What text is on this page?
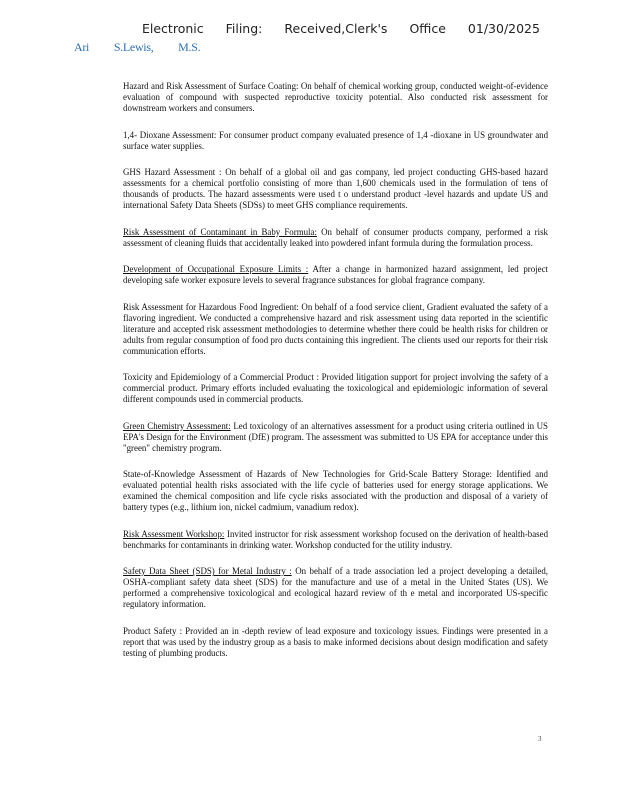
Electronic Filing: Received,Clerk's Office 01/30/2025
Ari S.Lewis, M.S.

Hazard and Risk Assessment of Surface Coating: On behalf of chemical working group, conducted weight-of-evidence evaluation of compound with suspected reproductive toxicity potential. Also conducted risk assessment for downstream workers and consumers.

1,4- Dioxane Assessment: For consumer product company evaluated presence of 1,4 -dioxane in US groundwater and surface water supplies.

GHS Hazard Assessment : On behalf of a global oil and gas company, led project conducting GHS-based hazard assessments for a chemical portfolio consisting of more than 1,600 chemicals used in the formulation of tens of thousands of products. The hazard assessments were used t o understand product -level hazards and update US and international Safety Data Sheets (SDSs) to meet GHS compliance requirements.

Risk Assessment of Contaminant in Baby Formula: On behalf of consumer products company, performed a risk assessment of cleaning fluids that accidentally leaked into powdered infant formula during the formulation process.

Development of Occupational Exposure Limits : After a change in harmonized hazard assignment, led project developing safe worker exposure levels to several fragrance substances for global fragrance company.

Risk Assessment for Hazardous Food Ingredient: On behalf of a food service client, Gradient evaluated the safety of a flavoring ingredient. We conducted a comprehensive hazard and risk assessment using data reported in the scientific literature and accepted risk assessment methodologies to determine whether there could be health risks for children or adults from regular consumption of food pro ducts containing this ingredient. The clients used our reports for their risk communication efforts.

Toxicity and Epidemiology of a Commercial Product : Provided litigation support for project involving the safety of a commercial product. Primary efforts included evaluating the toxicological and epidemiologic information of several different compounds used in commercial products.

Green Chemistry Assessment: Led toxicology of an alternatives assessment for a product using criteria outlined in US EPA's Design for the Environment (DfE) program. The assessment was submitted to US EPA for acceptance under this "green" chemistry program.

State-of-Knowledge Assessment of Hazards of New Technologies for Grid-Scale Battery Storage: Identified and evaluated potential health risks associated with the life cycle of batteries used for energy storage applications. We examined the chemical composition and life cycle risks associated with the production and disposal of a variety of battery types (e.g., lithium ion, nickel cadmium, vanadium redox).

Risk Assessment Workshop: Invited instructor for risk assessment workshop focused on the derivation of health-based benchmarks for contaminants in drinking water. Workshop conducted for the utility industry.

Safety Data Sheet (SDS) for Metal Industry : On behalf of a trade association led a project developing a detailed, OSHA-compliant safety data sheet (SDS) for the manufacture and use of a metal in the United States (US). We performed a comprehensive toxicological and ecological hazard review of th e metal and incorporated US-specific regulatory information.

Product Safety : Provided an in -depth review of lead exposure and toxicology issues. Findings were presented in a report that was used by the industry group as a basis to make informed decisions about design modification and safety testing of plumbing products.

3
